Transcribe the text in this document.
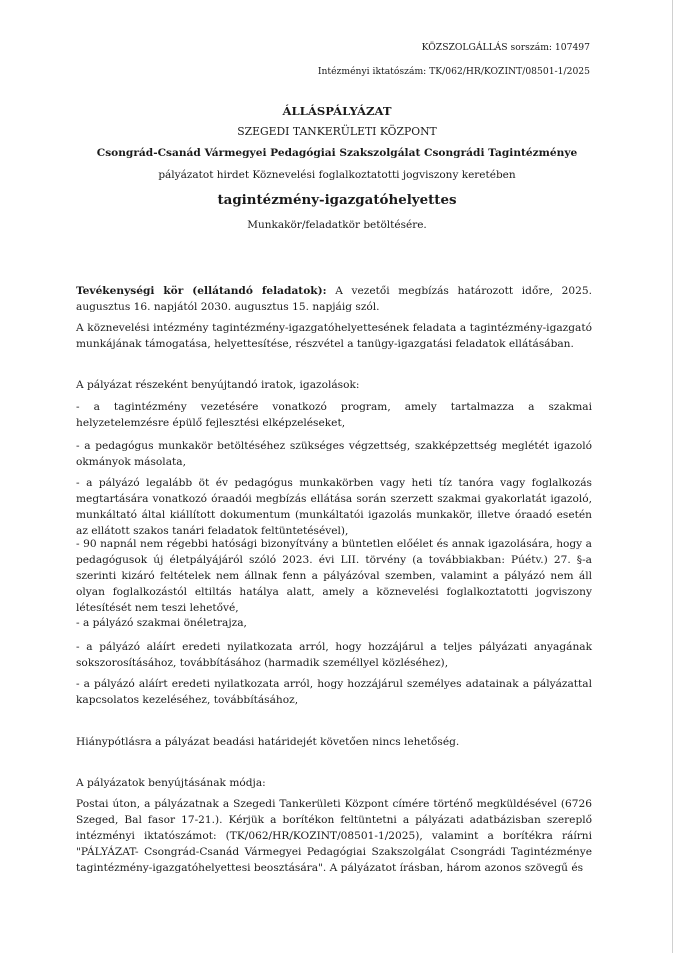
KÖZSZOLGÁLLÁS sorszám: 107497
Intézményi iktatószám: TK/062/HR/KOZINT/08501-1/2025
ÁLLÁSPÁLYÁZAT
SZEGEDI TANKERÜLETI KÖZPONT
Csongrád-Csanád Vármegyei Pedagógiai Szakszolgálat Csongrádi Tagintézménye
pályázatot hirdet Köznevelési foglalkoztatotti jogviszony keretében
tagintézmény-igazgatóhelyettes
Munkakör/feladatkör betöltésére.
Tevékenységi kör (ellátandó feladatok): A vezetői megbízás határozott időre, 2025. augusztus 16. napjától 2030. augusztus 15. napjáig szól.
A köznevelési intézmény tagintézmény-igazgatóhelyettesének feladata a tagintézmény-igazgató munkájának támogatása, helyettesítése, részvétel a tanügy-igazgatási feladatok ellátásában.
A pályázat részeként benyújtandó iratok, igazolások:
- a tagintézmény vezetésére vonatkozó program, amely tartalmazza a szakmai helyzetelemzésre épülő fejlesztési elképzeléseket,
- a pedagógus munkakör betöltéséhez szükséges végzettség, szakképzettség meglétét igazoló okmányok másolata,
- a pályázó legalább öt év pedagógus munkakörben vagy heti tíz tanóra vagy foglalkozás megtartására vonatkozó óraadói megbízás ellátása során szerzett szakmai gyakorlatát igazoló, munkáltató által kiállított dokumentum (munkáltatói igazolás munkakör, illetve óraadó esetén az ellátott szakos tanári feladatok feltüntetésével),
- 90 napnál nem régebbi hatósági bizonyítvány a büntetlen előélet és annak igazolására, hogy a pedagógusok új életpályájáról szóló 2023. évi LII. törvény (a továbbiakban: Púétv.) 27. §-a szerinti kizáró feltételek nem állnak fenn a pályázóval szemben, valamint a pályázó nem áll olyan foglalkozástól eltiltás hatálya alatt, amely a köznevelési foglalkoztatotti jogviszony létesítését nem teszi lehetővé,
- a pályázó szakmai önéletrajza,
- a pályázó aláírt eredeti nyilatkozata arról, hogy hozzájárul a teljes pályázati anyagának sokszorosításához, továbbításához (harmadik személlyel közléséhez),
- a pályázó aláírt eredeti nyilatkozata arról, hogy hozzájárul személyes adatainak a pályázattal kapcsolatos kezeléséhez, továbbításához,
Hiánypótlásra a pályázat beadási határidejét követően nincs lehetőség.
A pályázatok benyújtásának módja:
Postai úton, a pályázatnak a Szegedi Tankerületi Központ címére történő megküldésével (6726 Szeged, Bal fasor 17-21.). Kérjük a borítékon feltüntetni a pályázati adatbázisban szereplő intézményi iktatószámot: (TK/062/HR/KOZINT/08501-1/2025), valamint a borítékra ráírni "PÁLYÁZAT- Csongrád-Csanád Vármegyei Pedagógiai Szakszolgálat Csongrádi Tagintézménye tagintézmény-igazgatóhelyettesi beosztására". A pályázatot írásban, három azonos szövegű és
